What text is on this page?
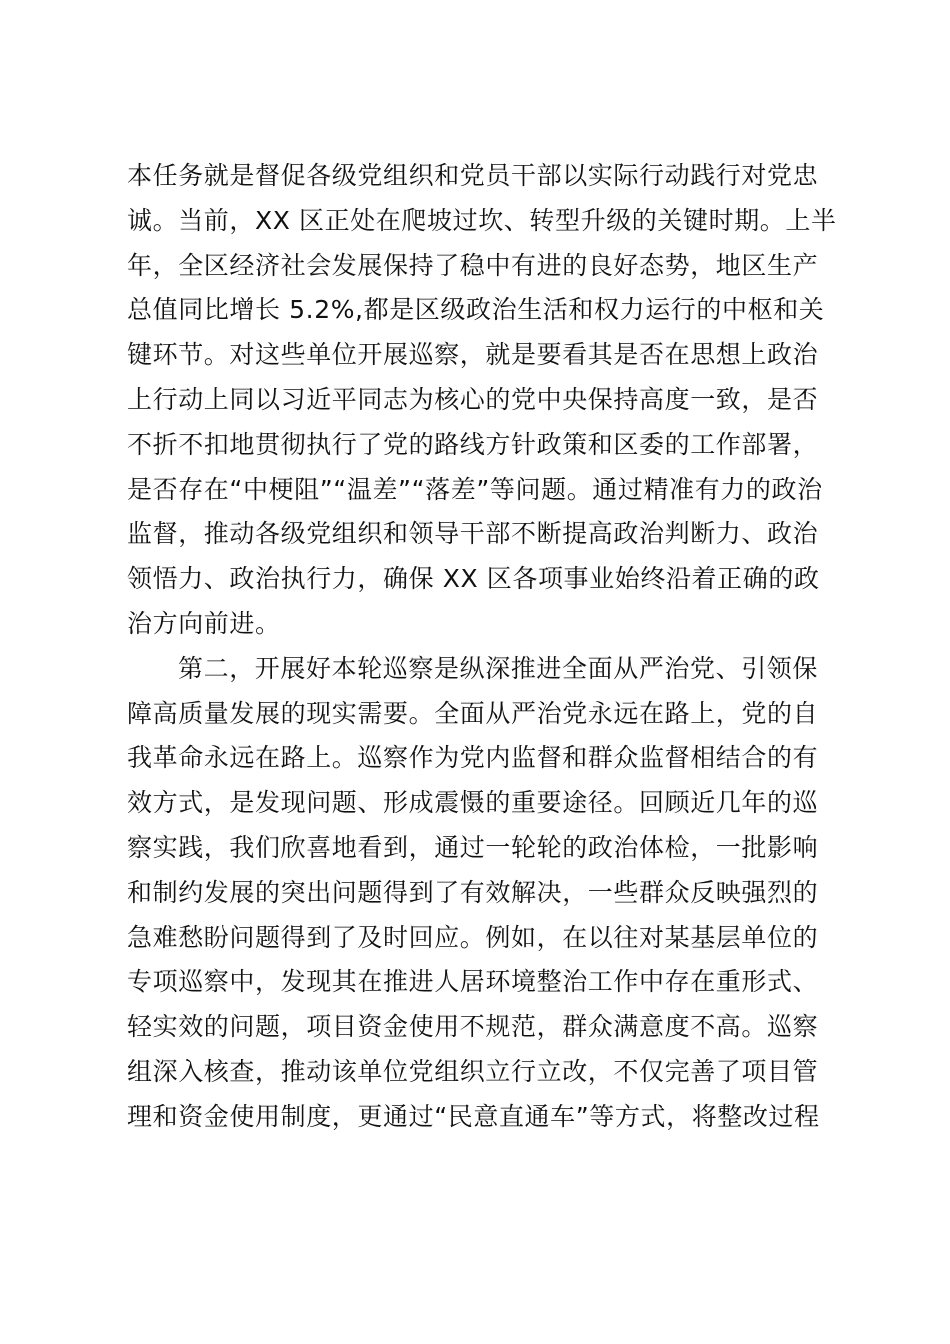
本任务就是督促各级党组织和党员干部以实际行动践行对党忠
诚。当前，XX 区正处在爬坡过坎、转型升级的关键时期。上半
年，全区经济社会发展保持了稳中有进的良好态势，地区生产
总值同比增长 5.2%,都是区级政治生活和权力运行的中枢和关
键环节。对这些单位开展巡察，就是要看其是否在思想上政治
上行动上同以习近平同志为核心的党中央保持高度一致，是否
不折不扣地贯彻执行了党的路线方针政策和区委的工作部署，
是否存在“中梗阻”“温差”“落差”等问题。通过精准有力的政治
监督，推动各级党组织和领导干部不断提高政治判断力、政治
领悟力、政治执行力，确保 XX 区各项事业始终沿着正确的政
治方向前进。
第二，开展好本轮巡察是纵深推进全面从严治党、引领保
障高质量发展的现实需要。全面从严治党永远在路上，党的自
我革命永远在路上。巡察作为党内监督和群众监督相结合的有
效方式，是发现问题、形成震慑的重要途径。回顾近几年的巡
察实践，我们欣喜地看到，通过一轮轮的政治体检，一批影响
和制约发展的突出问题得到了有效解决，一些群众反映强烈的
急难愁盼问题得到了及时回应。例如，在以往对某基层单位的
专项巡察中，发现其在推进人居环境整治工作中存在重形式、
轻实效的问题，项目资金使用不规范，群众满意度不高。巡察
组深入核查，推动该单位党组织立行立改，不仅完善了项目管
理和资金使用制度，更通过“民意直通车”等方式，将整改过程
